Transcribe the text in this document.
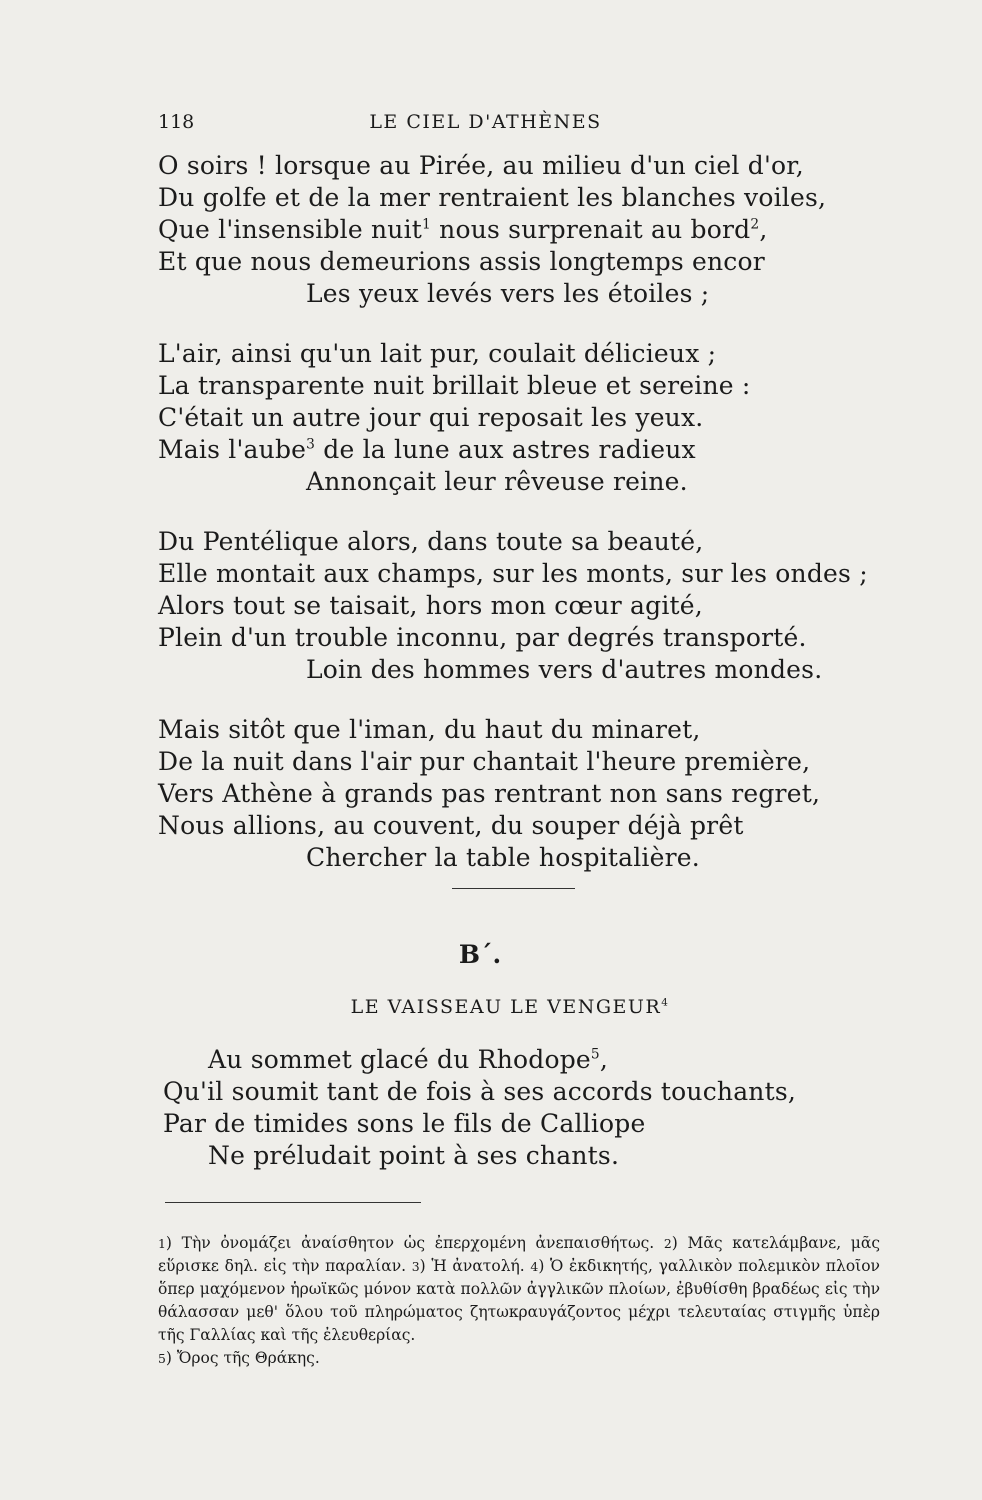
118	LE CIEL D'ATHÈNES
O soirs ! lorsque au Pirée, au milieu d'un ciel d'or,
Du golfe et de la mer rentraient les blanches voiles,
Que l'insensible nuit$^1$ nous surprenait au bord$^2$,
Et que nous demeurions assis longtemps encor
Les yeux levés vers les étoiles ;
L'air, ainsi qu'un lait pur, coulait délicieux ;
La transparente nuit brillait bleue et sereine :
C'était un autre jour qui reposait les yeux.
Mais l'aube$^3$ de la lune aux astres radieux
Annonçait leur rêveuse reine.
Du Pentélique alors, dans toute sa beauté,
Elle montait aux champs, sur les monts, sur les ondes ;
Alors tout se taisait, hors mon cœur agité,
Plein d'un trouble inconnu, par degrés transporté.
Loin des hommes vers d'autres mondes.
Mais sitôt que l'iman, du haut du minaret,
De la nuit dans l'air pur chantait l'heure première,
Vers Athène à grands pas rentrant non sans regret,
Nous allions, au couvent, du souper déjà prêt
Chercher la table hospitalière.
Β΄.
LE VAISSEAU LE VENGEUR$^4$
Au sommet glacé du Rhodope$^5$,
Qu'il soumit tant de fois à ses accords touchants,
Par de timides sons le fils de Calliope
Ne préludait point à ses chants.

1) Τὴν ὀνομάζει ἀναίσθητον ὡς ἐπερχομένη ἀνεπαισθήτως. 2) Μᾶς κατελάμβανε, μᾶς εὕρισκε δηλ. εἰς τὴν παραλίαν. 3) Ἡ ἀνατολή. 4) Ὁ ἐκδικητής, γαλλικὸν πολεμικὸν πλοῖον ὅπερ μαχόμενον ἡρωϊκῶς μόνον κατὰ πολλῶν ἀγγλικῶν πλοίων, ἐβυθίσθη βραδέως εἰς τὴν θάλασσαν μεθ' ὅλου τοῦ πληρώματος ζητωκραυγάζοντος μέχρι τελευταίας στιγμῆς ὑπὲρ τῆς Γαλλίας καὶ τῆς ἐλευθερίας.

5) Ὄρος τῆς Θράκης.
